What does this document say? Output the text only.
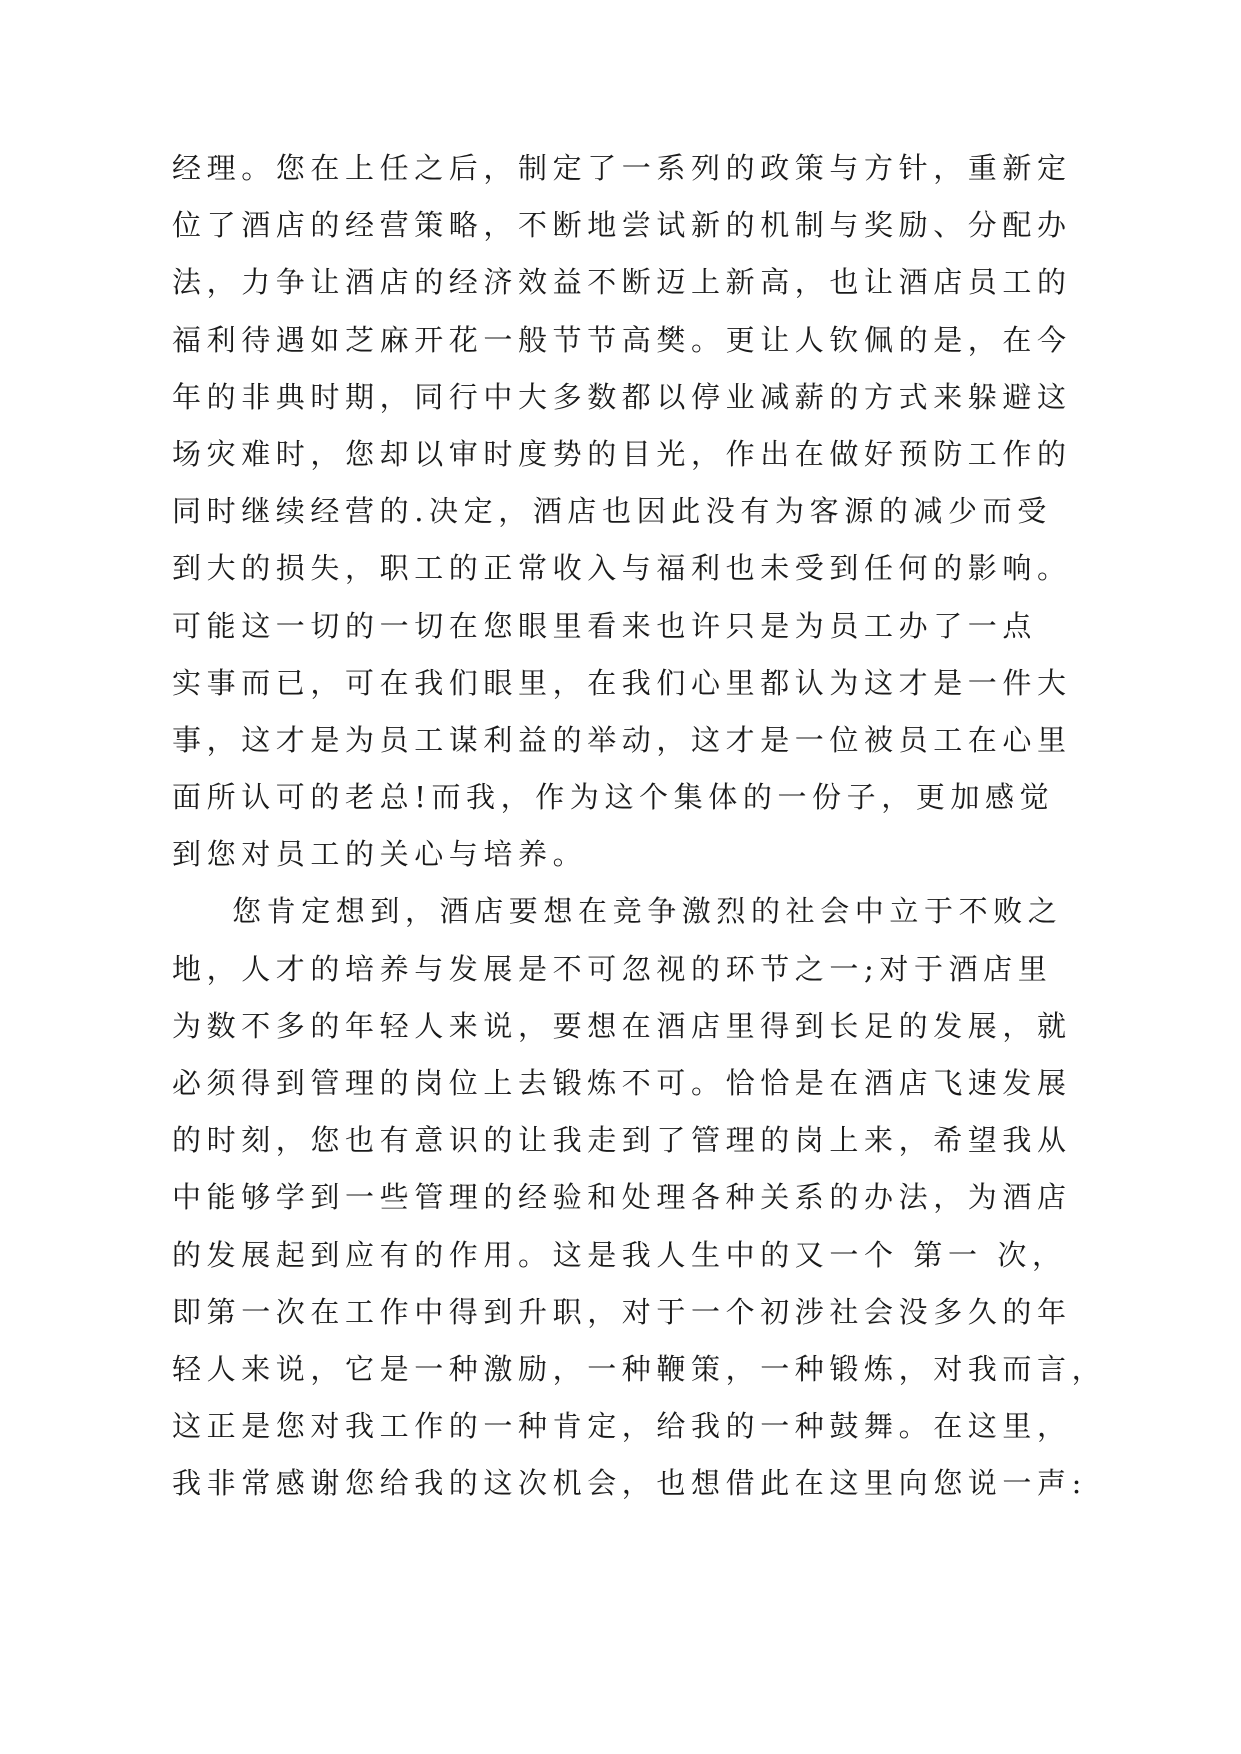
经理。您在上任之后，制定了一系列的政策与方针，重新定
位了酒店的经营策略，不断地尝试新的机制与奖励、分配办
法，力争让酒店的经济效益不断迈上新高，也让酒店员工的
福利待遇如芝麻开花一般节节高樊。更让人钦佩的是，在今
年的非典时期，同行中大多数都以停业减薪的方式来躲避这
场灾难时，您却以审时度势的目光，作出在做好预防工作的
同时继续经营的.决定，酒店也因此没有为客源的减少而受
到大的损失，职工的正常收入与福利也未受到任何的影响。
可能这一切的一切在您眼里看来也许只是为员工办了一点
实事而已，可在我们眼里，在我们心里都认为这才是一件大
事，这才是为员工谋利益的举动，这才是一位被员工在心里
面所认可的老总!而我，作为这个集体的一份子，更加感觉
到您对员工的关心与培养。
您肯定想到，酒店要想在竞争激烈的社会中立于不败之
地，人才的培养与发展是不可忽视的环节之一;对于酒店里
为数不多的年轻人来说，要想在酒店里得到长足的发展，就
必须得到管理的岗位上去锻炼不可。恰恰是在酒店飞速发展
的时刻，您也有意识的让我走到了管理的岗上来，希望我从
中能够学到一些管理的经验和处理各种关系的办法，为酒店
的发展起到应有的作用。这是我人生中的又一个 第一 次，
即第一次在工作中得到升职，对于一个初涉社会没多久的年
轻人来说，它是一种激励，一种鞭策，一种锻炼，对我而言，
这正是您对我工作的一种肯定，给我的一种鼓舞。在这里，
我非常感谢您给我的这次机会，也想借此在这里向您说一声:
